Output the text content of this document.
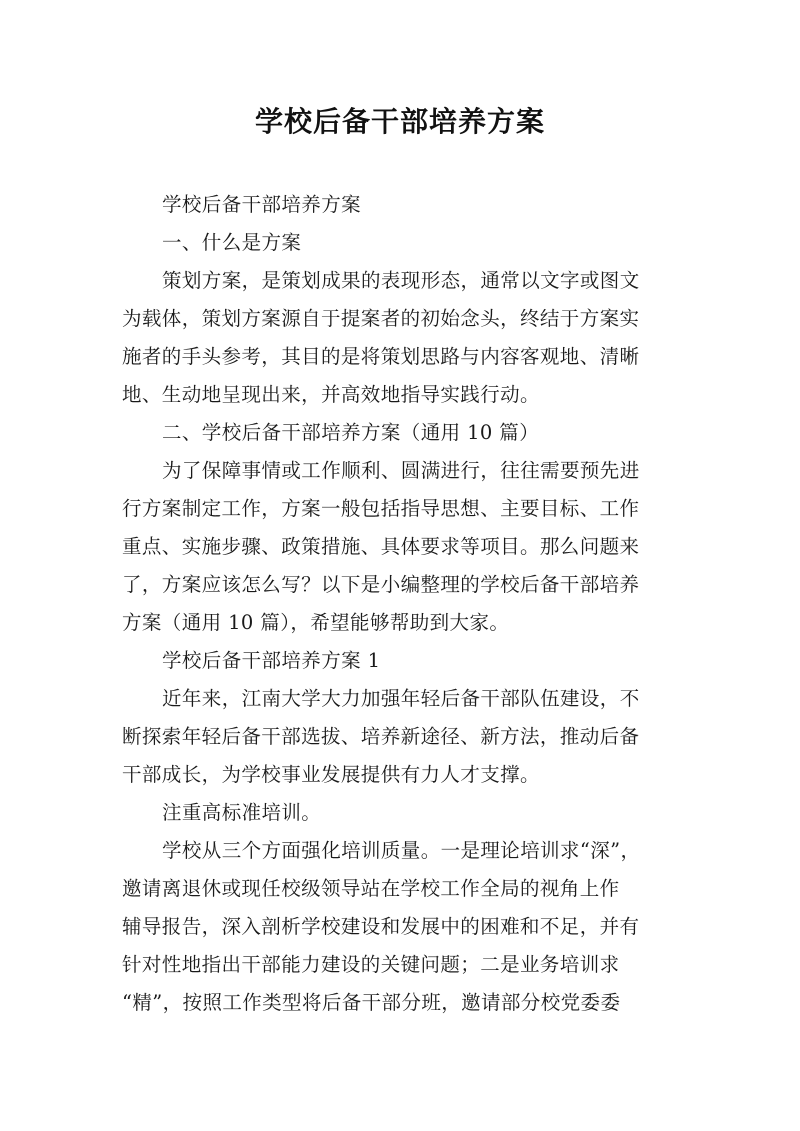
学校后备干部培养方案
学校后备干部培养方案
一、什么是方案
策划方案，是策划成果的表现形态，通常以文字或图文
为载体，策划方案源自于提案者的初始念头，终结于方案实
施者的手头参考，其目的是将策划思路与内容客观地、清晰
地、生动地呈现出来，并高效地指导实践行动。
二、学校后备干部培养方案（通用 10 篇）
为了保障事情或工作顺利、圆满进行，往往需要预先进
行方案制定工作，方案一般包括指导思想、主要目标、工作
重点、实施步骤、政策措施、具体要求等项目。那么问题来
了，方案应该怎么写？以下是小编整理的学校后备干部培养
方案（通用 10 篇），希望能够帮助到大家。
学校后备干部培养方案 1
近年来，江南大学大力加强年轻后备干部队伍建设，不
断探索年轻后备干部选拔、培养新途径、新方法，推动后备
干部成长，为学校事业发展提供有力人才支撑。
注重高标准培训。
学校从三个方面强化培训质量。一是理论培训求“深”，
邀请离退休或现任校级领导站在学校工作全局的视角上作
辅导报告，深入剖析学校建设和发展中的困难和不足，并有
针对性地指出干部能力建设的关键问题；二是业务培训求
“精”，按照工作类型将后备干部分班，邀请部分校党委委
